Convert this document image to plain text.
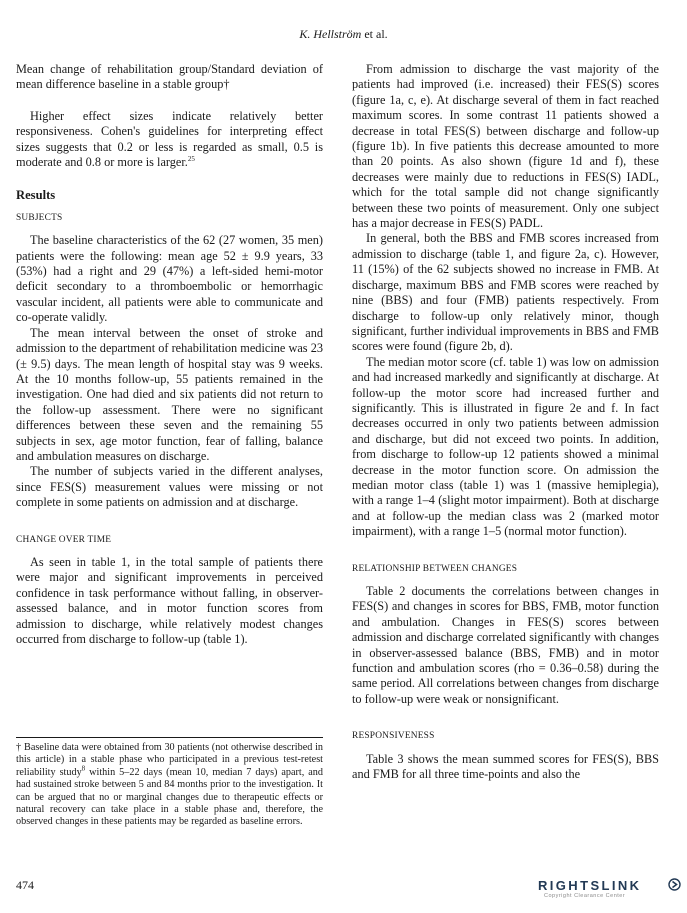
K. Hellström et al.

Mean change of rehabilitation group/Standard deviation of mean difference baseline in a stable group†

Higher effect sizes indicate relatively better responsiveness. Cohen's guidelines for interpreting effect sizes suggests that 0.2 or less is regarded as small, 0.5 is moderate and 0.8 or more is larger.$^{25}$

Results

SUBJECTS

The baseline characteristics of the 62 (27 women, 35 men) patients were the following: mean age 52 ± 9.9 years, 33 (53%) had a right and 29 (47%) a left-sided hemi-motor deficit secondary to a thromboembolic or hemorrhagic vascular incident, all patients were able to communicate and co-operate validly.

The mean interval between the onset of stroke and admission to the department of rehabilitation medicine was 23 (± 9.5) days. The mean length of hospital stay was 9 weeks. At the 10 months follow-up, 55 patients remained in the investigation. One had died and six patients did not return to the follow-up assessment. There were no significant differences between these seven and the remaining 55 subjects in sex, age motor function, fear of falling, balance and ambulation measures on discharge.

The number of subjects varied in the different analyses, since FES(S) measurement values were missing or not complete in some patients on admission and at discharge.

CHANGE OVER TIME

As seen in table 1, in the total sample of patients there were major and significant improvements in perceived confidence in task performance without falling, in observer-assessed balance, and in motor function scores from admission to discharge, while relatively modest changes occurred from discharge to follow-up (table 1).

† Baseline data were obtained from 30 patients (not otherwise described in this article) in a stable phase who participated in a previous test-retest reliability study$^8$ within 5–22 days (mean 10, median 7 days) apart, and had sustained stroke between 5 and 84 months prior to the investigation. It can be argued that no or marginal changes due to therapeutic effects or natural recovery can take place in a stable phase and, therefore, the observed changes in these patients may be regarded as baseline errors.

From admission to discharge the vast majority of the patients had improved (i.e. increased) their FES(S) scores (figure 1a, c, e). At discharge several of them in fact reached maximum scores. In some contrast 11 patients showed a decrease in total FES(S) between discharge and follow-up (figure 1b). In five patients this decrease amounted to more than 20 points. As also shown (figure 1d and f), these decreases were mainly due to reductions in FES(S) IADL, which for the total sample did not change significantly between these two points of measurement. Only one subject has a major decrease in FES(S) PADL.

In general, both the BBS and FMB scores increased from admission to discharge (table 1, and figure 2a, c). However, 11 (15%) of the 62 subjects showed no increase in FMB. At discharge, maximum BBS and FMB scores were reached by nine (BBS) and four (FMB) patients respectively. From discharge to follow-up only relatively minor, though significant, further individual improvements in BBS and FMB scores were found (figure 2b, d).

The median motor score (cf. table 1) was low on admission and had increased markedly and significantly at discharge. At follow-up the motor score had increased further and significantly. This is illustrated in figure 2e and f. In fact decreases occurred in only two patients between admission and discharge, but did not exceed two points. In addition, from discharge to follow-up 12 patients showed a minimal decrease in the motor function score. On admission the median motor class (table 1) was 1 (massive hemiplegia), with a range 1–4 (slight motor impairment). Both at discharge and at follow-up the median class was 2 (marked motor impairment), with a range 1–5 (normal motor function).

RELATIONSHIP BETWEEN CHANGES

Table 2 documents the correlations between changes in FES(S) and changes in scores for BBS, FMB, motor function and ambulation. Changes in FES(S) scores between admission and discharge correlated significantly with changes in observer-assessed balance (BBS, FMB) and in motor function and ambulation scores (rho = 0.36–0.58) during the same period. All correlations between changes from discharge to follow-up were weak or nonsignificant.

RESPONSIVENESS

Table 3 shows the mean summed scores for FES(S), BBS and FMB for all three time-points and also the

474	RIGHTSLINK
Copyright Clearance Center
